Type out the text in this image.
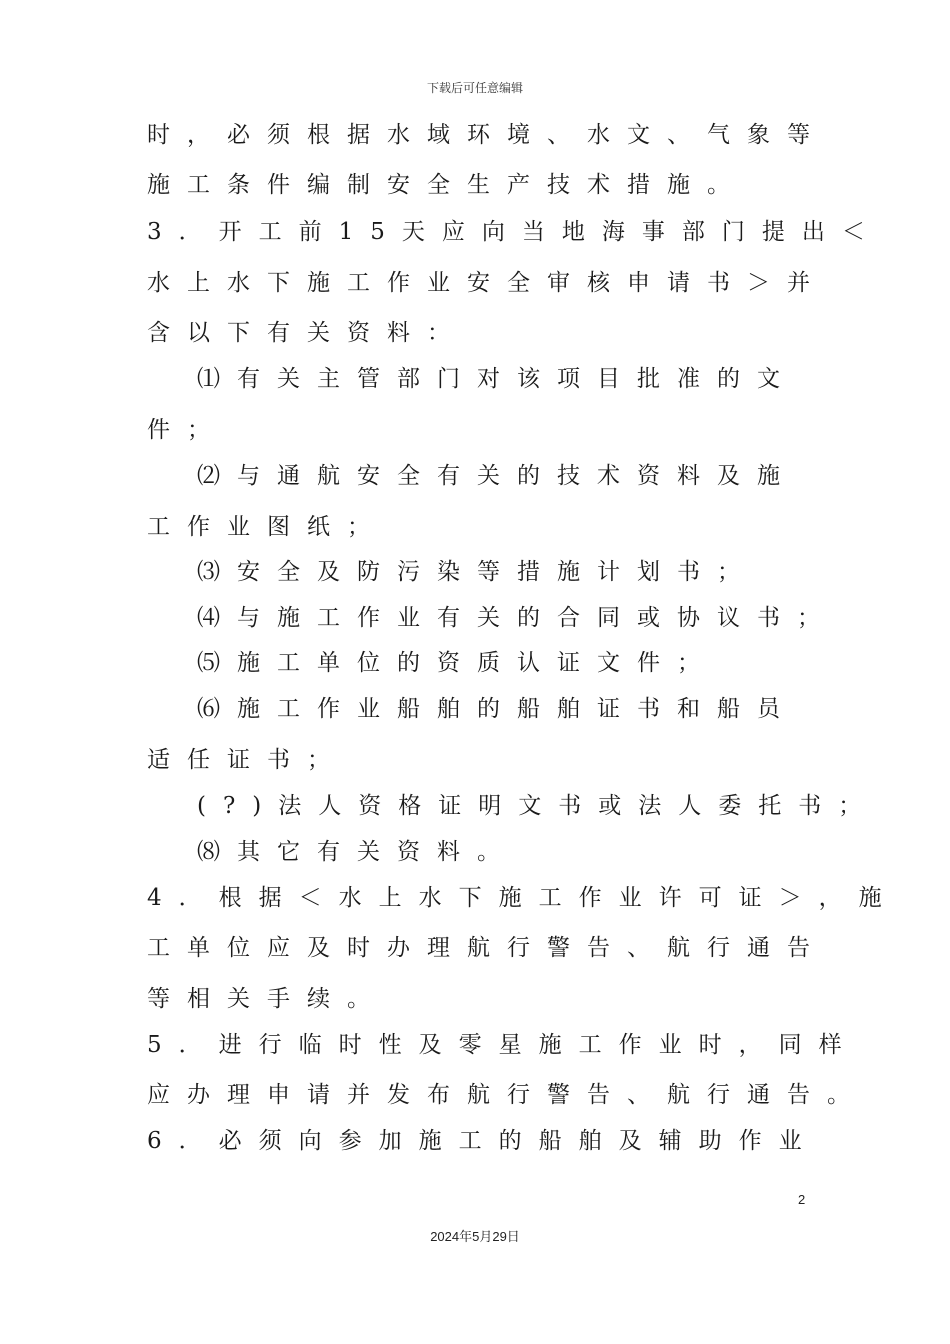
下载后可任意编辑
时，必须根据水域环境、水文、气象等
施工条件编制安全生产技术措施。
3．开工前15天应向当地海事部门提出＜
水上水下施工作业安全审核申请书＞并
含以下有关资料：
⑴有关主管部门对该项目批准的文
件；
⑵与通航安全有关的技术资料及施
工作业图纸；
⑶安全及防污染等措施计划书；
⑷与施工作业有关的合同或协议书；
⑸施工单位的资质认证文件；
⑹施工作业船舶的船舶证书和船员
适任证书；
(?)法人资格证明文书或法人委托书；
⑻其它有关资料。
4．根据＜水上水下施工作业许可证＞，施
工单位应及时办理航行警告、航行通告
等相关手续。
5．进行临时性及零星施工作业时，同样
应办理申请并发布航行警告、航行通告。
6．必须向参加施工的船舶及辅助作业
2
2024年5月29日
